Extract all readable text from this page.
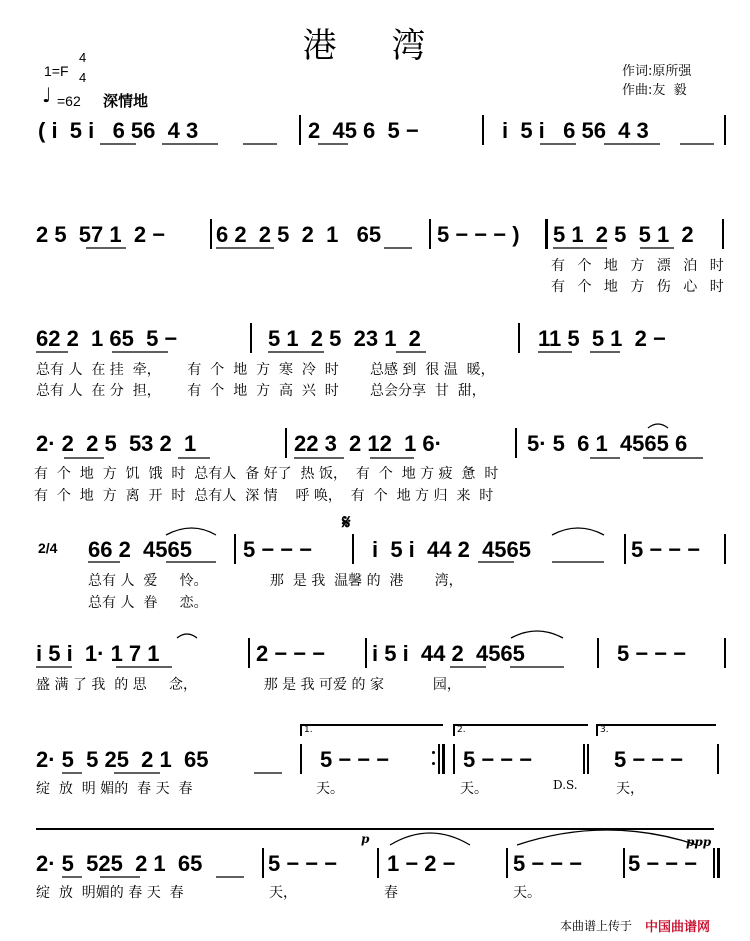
港 湾
1=F
4
4
♩ =62 深情地
作词:原所强
作曲:友  毅
( i  5 i   6 56  4 3	2  45 6  5 −	i  5 i   6 56  4 3
2 5  57 1  2 − 6 2  2 5  2  1   65	5 − − − ) 5 1  2 5  5 1  2
有 个 地 方 漂 泊 时
有 个 地 方 伤 心 时
62 2  1 65  5 −	5 1  2 5  23 1  2	11 5  5 1  2 −
总有 人  在 挂  牵，      有  个  地  方  寒  冷  时       总感 到  很 温  暖，
总有 人  在 分  担，      有  个  地  方  高  兴  时       总会分享  甘  甜，
2· 2  2 5  53 2  1	22 3  2 12  1 6·	5· 5  6 1  4565 6
有  个  地  方  饥  饿  时  总有人  备 好了  热 饭，  有  个  地 方 疲  惫  时
有  个  地  方  离  开  时  总有人  深 情    呼 唤，  有  个  地 方 归  来  时
2/4 66 2  4565 5 − − −
𝄋
i  5 i  44 2  4565	5 − − −
总有 人  爱     怜。              那  是 我  温馨 的  港       湾，
总有 人  眷     恋。
i 5 i  1· 1 7 1	2 − − − i 5 i  44 2  4565	5 − − −
盛 满 了 我  的 思     念，               那 是 我 可爱 的 家           园，
1.	2.	3.
2· 5  5 25  2 1  65	5 − − −	5 − − −	5 − − −
绽  放  明 媚的  春 天  春	天。	天。	D.S.	天，
p	ppp
2· 5  525  2 1  65	5 − − − 1 − 2 −	5 − − − 5 − − −
绽  放  明媚的 春 天  春	天，	春	天。
本曲谱上传于 中国曲谱网
